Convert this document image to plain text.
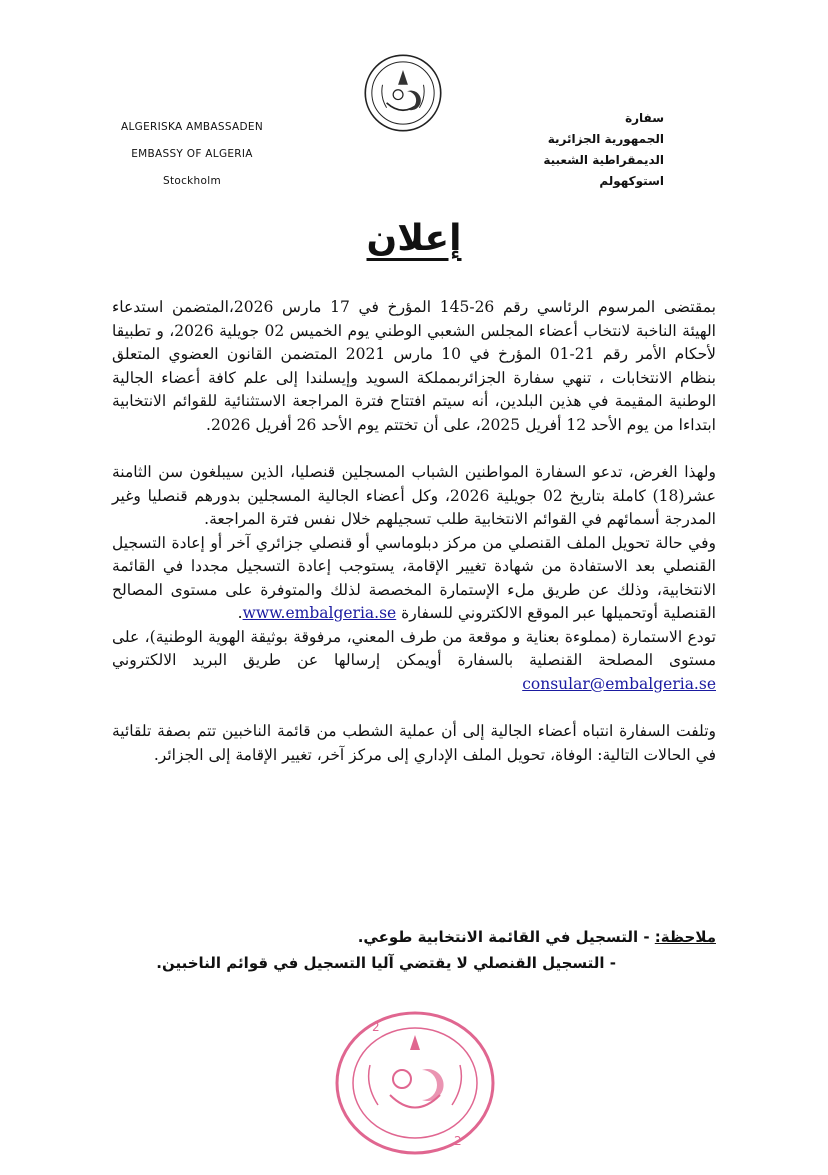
ALGERISKA AMBASSADEN
EMBASSY OF ALGERIA
Stockholm
سفارة
الجمهورية الجزائرية
الديمقراطية الشعبية
استوكهولم
إعلان

بمقتضى المرسوم الرئاسي رقم 26-145 المؤرخ في 17 مارس 2026،المتضمن استدعاء الهيئة الناخبة لانتخاب أعضاء المجلس الشعبي الوطني يوم الخميس 02 جويلية 2026، و تطبيقا لأحكام الأمر رقم 21-01 المؤرخ في 10 مارس 2021 المتضمن القانون العضوي المتعلق بنظام الانتخابات ، تنهي سفارة الجزائربمملكة السويد وإيسلندا إلى علم كافة أعضاء الجالية الوطنية المقيمة في هذين البلدين، أنه سيتم افتتاح فترة المراجعة الاستثنائية للقوائم الانتخابية ابتداءا من يوم الأحد 12 أفريل 2025، على أن تختتم يوم الأحد 26 أفريل 2026.

ولهذا الغرض، تدعو السفارة المواطنين الشباب المسجلين قنصليا، الذين سيبلغون سن الثامنة عشر(18) كاملة بتاريخ 02 جويلية 2026، وكل أعضاء الجالية المسجلين بدورهم قنصليا وغير المدرجة أسمائهم في القوائم الانتخابية طلب تسجيلهم خلال نفس فترة المراجعة.

وفي حالة تحويل الملف القنصلي من مركز دبلوماسي أو قنصلي جزائري آخر أو إعادة التسجيل القنصلي بعد الاستفادة من شهادة تغيير الإقامة، يستوجب إعادة التسجيل مجددا في القائمة الانتخابية، وذلك عن طريق ملء الإستمارة المخصصة لذلك والمتوفرة على مستوى المصالح القنصلية أوتحميلها عبر الموقع الالكتروني للسفارة www.embalgeria.se.

تودع الاستمارة (مملوءة بعناية و موقعة من طرف المعني، مرفوقة بوثيقة الهوية الوطنية)، على مستوى المصلحة القنصلية بالسفارة أويمكن إرسالها عن طريق البريد الالكتروني consular@embalgeria.se

وتلفت السفارة انتباه أعضاء الجالية إلى أن عملية الشطب من قائمة الناخبين تتم بصفة تلقائية في الحالات التالية: الوفاة، تحويل الملف الإداري إلى مركز آخر، تغيير الإقامة إلى الجزائر.

ملاحظة: - التسجيل في القائمة الانتخابية طوعي.
- التسجيل القنصلي لا يقتضي آليا التسجيل في قوائم الناخبين.
2
2
